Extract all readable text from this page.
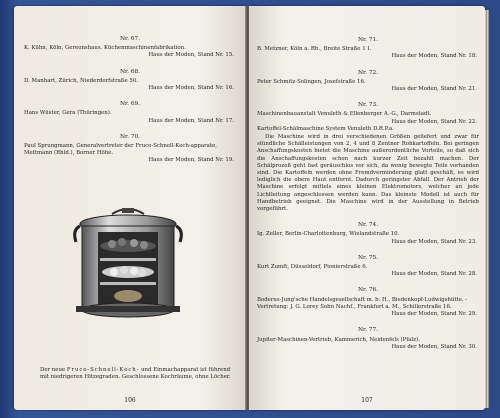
Nr. 67.

K. Kühn, Köln, Gereonshaus. Küchenmaschinenfabrikation.

Haus der Moden, Stand Nr. 15.

Nr. 68.

D. Manhart, Zürich, Niederdorfstraße 50.

Haus der Moden, Stand Nr. 16.

Nr. 69.

Hans Wüster, Gera (Thüringen).

Haus der Moden, Stand Nr. 17.

Nr. 70.

Paul Sprungmann, Generalvertreter der Fruco-Schnell-Koch-apparate, Mettmann (Rhld.), Borner Höhe.

Haus der Moden, Stand Nr. 19.

Der neue Fruco-Schnell-Koch- und Einmachapparat ist führend mit niedrigeren Hitzegraden. Geschlossene Kochräume, ohne Löcher.

106

Nr. 71.

B. Metzner, Köln a. Rh., Breite Straße 1 I.

Haus der Moden, Stand Nr. 18.

Nr. 72.

Peter Schmitz-Solingen, Josefstraße 16.

Haus der Moden, Stand Nr. 21.

Nr. 73.

Maschinenbauanstalt Venuleth & Ellenberger A.-G., Darmstadt.

Haus der Moden, Stand Nr. 22.

Kartoffel-Schälmaschine System Venuleth D.R.P.a.

Die Maschine wird in drei verschiedenen Größen geliefert und zwar für stündliche Schälleistungen von 2, 4 und 8 Zentner Rohkartoffeln. Bei geringen Anschaffungskosten bietet die Maschine außerordentliche Vorteile, so daß sich die Anschaffungskosten schon nach kurzer Zeit bezahlt machen. Der Schälprozeß geht fast geräuschlos vor sich, da wenig bewegte Teile vorhanden sind. Die Kartoffeln werden ohne Fremdverminderung glatt geschält, es wird lediglich die obere Haut entfernt. Dadurch geringster Abfall. Der Antrieb der Maschine erfolgt mittels eines kleinen Elektromotors, welcher an jede Lichtleitung angeschlossen werden kann. Das kleinste Modell ist auch für Handbetrieb geeignet. Die Maschine wird in der Ausstellung in Betrieb vorgeführt.

Nr. 74.

Ig. Zeller, Berlin-Charlottenburg, Wielandstraße 10.

Haus der Moden, Stand Nr. 23.

Nr. 75.

Kurt Zumft, Düsseldorf, Pionierstraße 6.

Haus der Moden, Stand Nr. 28.

Nr. 76.

Boderus-Jung'sche Handelsgesellschaft m. b. H., Biedenkopf-Ludwigshütte. - Vertretung: J. G. Lorey Sohn Nachf., Frankfurt a. M., Schillerstraße 16.

Haus der Moden, Stand Nr. 29.

Nr. 77.

Jupiter-Maschinen-Vertrieb, Kammerich, Neidenfels (Pfalz).

Haus der Moden, Stand Nr. 30.

107
